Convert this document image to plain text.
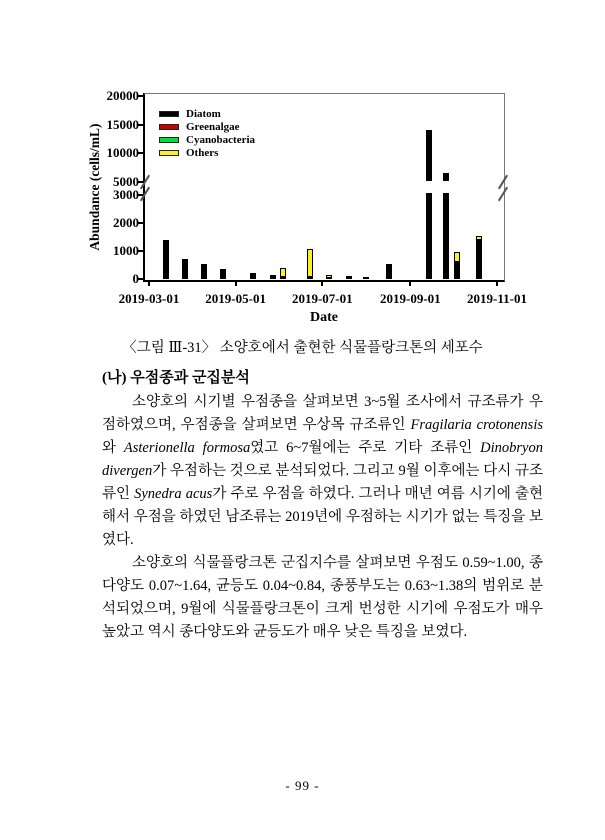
0
1000
2000
3000
5000
10000
15000
20000
2019-03-01	2019-05-01	2019-07-01	2019-09-01	2019-11-01
Date
Abundance (cells/mL)
Diatom
Greenalgae
Cyanobacteria
Others
〈그림 Ⅲ-31〉 소양호에서 출현한 식물플랑크톤의 세포수
(나) 우점종과 군집분석

소양호의 시기별 우점종을 살펴보면 3~5월 조사에서 규조류가 우점하였으며, 우점종을 살펴보면 우상목 규조류인 Fragilaria crotonensis와 Asterionella formosa였고 6~7월에는 주로 기타 조류인 Dinobryon divergen가 우점하는 것으로 분석되었다. 그리고 9월 이후에는 다시 규조류인 Synedra acus가 주로 우점을 하였다. 그러나 매년 여름 시기에 출현해서 우점을 하였던 남조류는 2019년에 우점하는 시기가 없는 특징을 보였다.

소양호의 식물플랑크톤 군집지수를 살펴보면 우점도 0.59~1.00, 종다양도 0.07~1.64, 균등도 0.04~0.84, 종풍부도는 0.63~1.38의 범위로 분석되었으며, 9월에 식물플랑크톤이 크게 번성한 시기에 우점도가 매우 높았고 역시 종다양도와 균등도가 매우 낮은 특징을 보였다.

- 99 -
